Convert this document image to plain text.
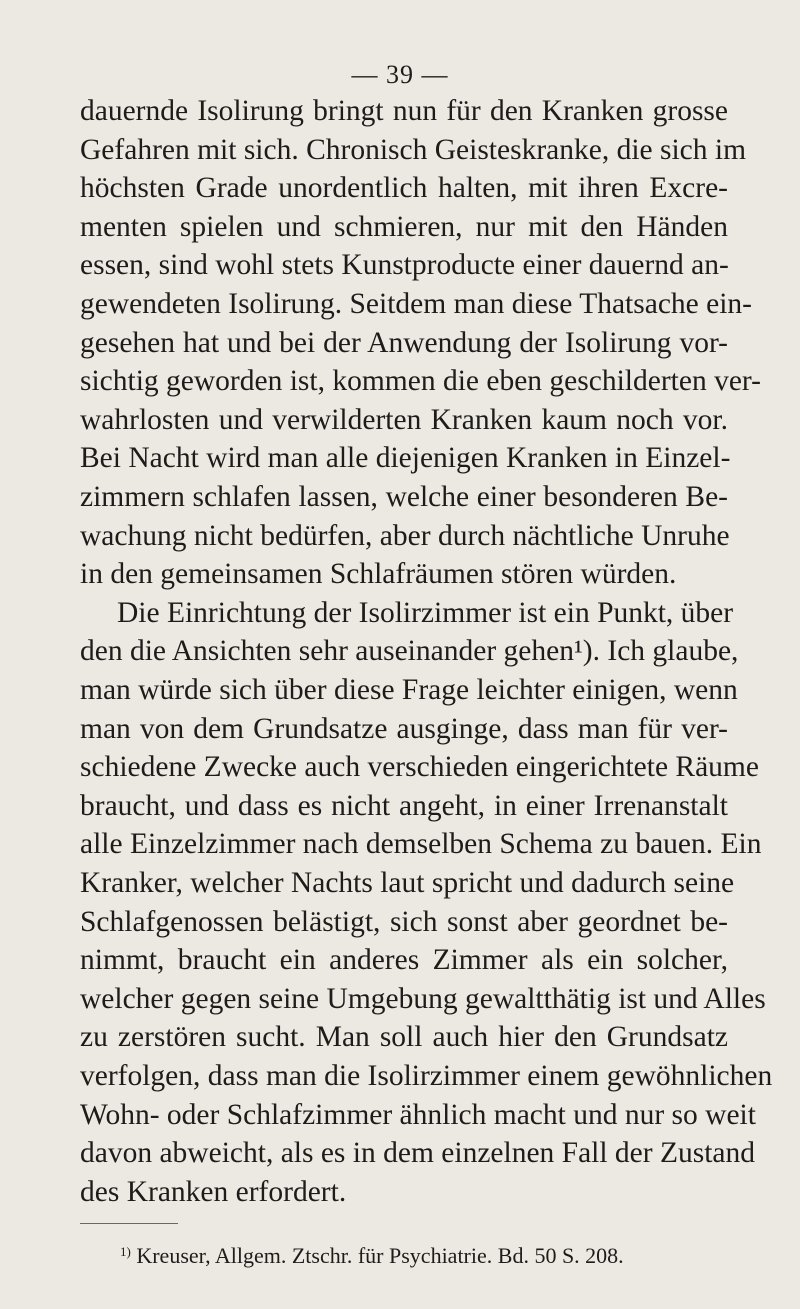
— 39 —
dauernde Isolirung bringt nun für den Kranken grosse
Gefahren mit sich. Chronisch Geisteskranke, die sich im
höchsten Grade unordentlich halten, mit ihren Excre-
menten spielen und schmieren, nur mit den Händen
essen, sind wohl stets Kunstproducte einer dauernd an-
gewendeten Isolirung. Seitdem man diese Thatsache ein-
gesehen hat und bei der Anwendung der Isolirung vor-
sichtig geworden ist, kommen die eben geschilderten ver-
wahrlosten und verwilderten Kranken kaum noch vor.
Bei Nacht wird man alle diejenigen Kranken in Einzel-
zimmern schlafen lassen, welche einer besonderen Be-
wachung nicht bedürfen, aber durch nächtliche Unruhe
in den gemeinsamen Schlafräumen stören würden.
Die Einrichtung der Isolirzimmer ist ein Punkt, über
den die Ansichten sehr auseinander gehen¹). Ich glaube,
man würde sich über diese Frage leichter einigen, wenn
man von dem Grundsatze ausginge, dass man für ver-
schiedene Zwecke auch verschieden eingerichtete Räume
braucht, und dass es nicht angeht, in einer Irrenanstalt
alle Einzelzimmer nach demselben Schema zu bauen. Ein
Kranker, welcher Nachts laut spricht und dadurch seine
Schlafgenossen belästigt, sich sonst aber geordnet be-
nimmt, braucht ein anderes Zimmer als ein solcher,
welcher gegen seine Umgebung gewaltthätig ist und Alles
zu zerstören sucht. Man soll auch hier den Grundsatz
verfolgen, dass man die Isolirzimmer einem gewöhnlichen
Wohn- oder Schlafzimmer ähnlich macht und nur so weit
davon abweicht, als es in dem einzelnen Fall der Zustand
des Kranken erfordert.
$^{1)}$ Kreuser, Allgem. Ztschr. für Psychiatrie. Bd. 50 S. 208.
